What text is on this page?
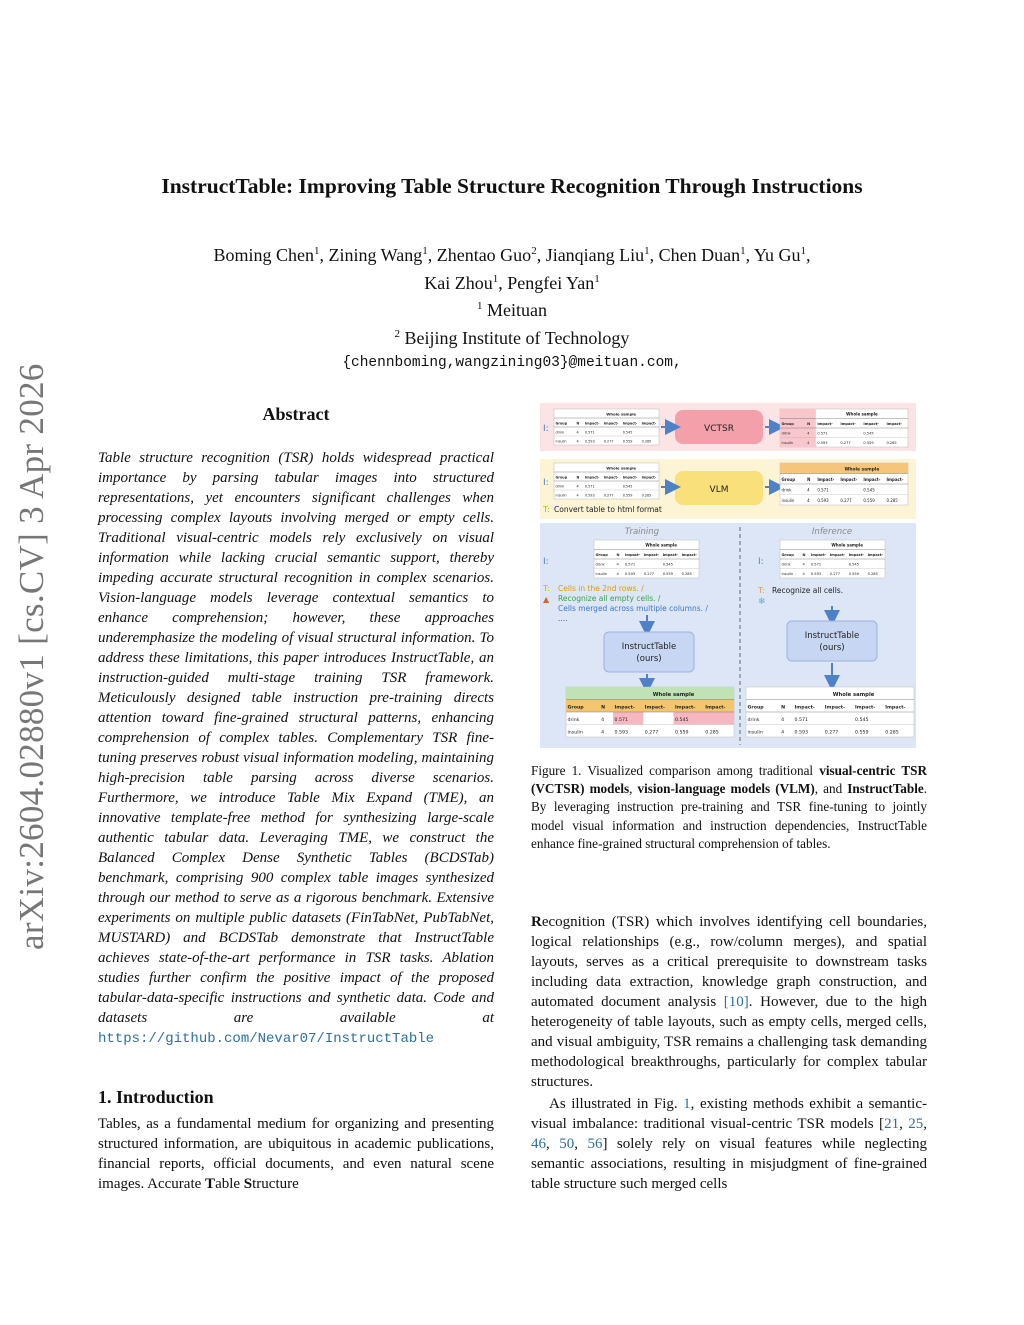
InstructTable: Improving Table Structure Recognition Through Instructions
Boming Chen$^1$, Zining Wang$^1$, Zhentao Guo$^2$, Jianqiang Liu$^1$, Chen Duan$^1$, Yu Gu$^1$,
Kai Zhou$^1$, Pengfei Yan$^1$
$^1$ Meituan
$^2$ Beijing Institute of Technology
{chennboming,wangzining03}@meituan.com,
arXiv:2604.02880v1 [cs.CV] 3 Apr 2026	Abstract
Table structure recognition (TSR) holds widespread practical importance by parsing tabular images into structured representations, yet encounters significant challenges when processing complex layouts involving merged or empty cells. Traditional visual-centric models rely exclusively on visual information while lacking crucial semantic support, thereby impeding accurate structural recognition in complex scenarios. Vision-language models leverage contextual semantics to enhance comprehension; however, these approaches underemphasize the modeling of visual structural information. To address these limitations, this paper introduces InstructTable, an instruction-guided multi-stage training TSR framework. Meticulously designed table instruction pre-training directs attention toward fine-grained structural patterns, enhancing comprehension of complex tables. Complementary TSR fine-tuning preserves robust visual information modeling, maintaining high-precision table parsing across diverse scenarios. Furthermore, we introduce Table Mix Expand (TME), an innovative template-free method for synthesizing large-scale authentic tabular data. Leveraging TME, we construct the Balanced Complex Dense Synthetic Tables (BCDSTab) benchmark, comprising 900 complex table images synthesized through our method to serve as a rigorous benchmark. Extensive experiments on multiple public datasets (FinTabNet, PubTabNet, MUSTARD) and BCDSTab demonstrate that InstructTable achieves state-of-the-art performance in TSR tasks. Ablation studies further confirm the positive impact of the proposed tabular-data-specific instructions and synthetic data. Code and datasets are available at https://github.com/Nevar07/InstructTable
1. Introduction
Tables, as a fundamental medium for organizing and presenting structured information, are ubiquitous in academic publications, financial reports, official documents, and even natural scene images. Accurate Table Structure
I:
Whole sample
Group
drink
insulin
N
4
4
Impact-
0.571
0.593
Impact-
0.277
Impact-
0.545
0.559
Impact-
0.285
VCTSR
Whole sample
Group
drink
insulin
N
4
4
Impact-
0.571
0.593
Impact-
0.277
Impact-
0.545
0.559
Impact-
0.285
I:
Whole sample
Group
drink
insulin
N
4
4
Impact-
0.571
0.593
Impact-
0.277
Impact-
0.545
0.559
Impact-
0.285
T: Convert table to html format
VLM
Whole sample
Group
drink
insulin
N
4
4
Impact-
0.571
0.593
Impact-
0.277
Impact-
0.545
0.559
Impact-
0.285
Training	Inference
I:
Whole sample
Group
drink
insulin
N
4
4
Impact-
0.571
0.593
Impact-
0.277
Impact-
0.545
0.559
Impact-
0.285
T:
▲
Cells in the 2nd rows. /
Recognize all empty cells. /
Cells merged across multiple columns. /
....
I:
Whole sample
Group
drink
insulin
N
4
4
Impact-
0.571
0.593
Impact-
0.277
Impact-
0.545
0.559
Impact-
0.285
T:
❄
Recognize all cells.
InstructTable
(ours)
InstructTable
(ours)
Whole sample
Group
drink
insulin
N
4
4
Impact-
0.571
0.593
Impact-
0.277
Impact-
0.545
0.559
Impact-
0.285
Whole sample
Group
drink
insulin
N
4
4
Impact-
0.571
0.593
Impact-
0.277
Impact-
0.545
0.559
Impact-
0.285
Figure 1. Visualized comparison among traditional visual-centric TSR (VCTSR) models, vision-language models (VLM), and InstructTable. By leveraging instruction pre-training and TSR fine-tuning to jointly model visual information and instruction dependencies, InstructTable enhance fine-grained structural comprehension of tables.

Recognition (TSR) which involves identifying cell boundaries, logical relationships (e.g., row/column merges), and spatial layouts, serves as a critical prerequisite to downstream tasks including data extraction, knowledge graph construction, and automated document analysis [10]. However, due to the high heterogeneity of table layouts, such as empty cells, merged cells, and visual ambiguity, TSR remains a challenging task demanding methodological breakthroughs, particularly for complex tabular structures.

As illustrated in Fig. 1, existing methods exhibit a semantic-visual imbalance: traditional visual-centric TSR models [21, 25, 46, 50, 56] solely rely on visual features while neglecting semantic associations, resulting in misjudgment of fine-grained table structure such merged cells
